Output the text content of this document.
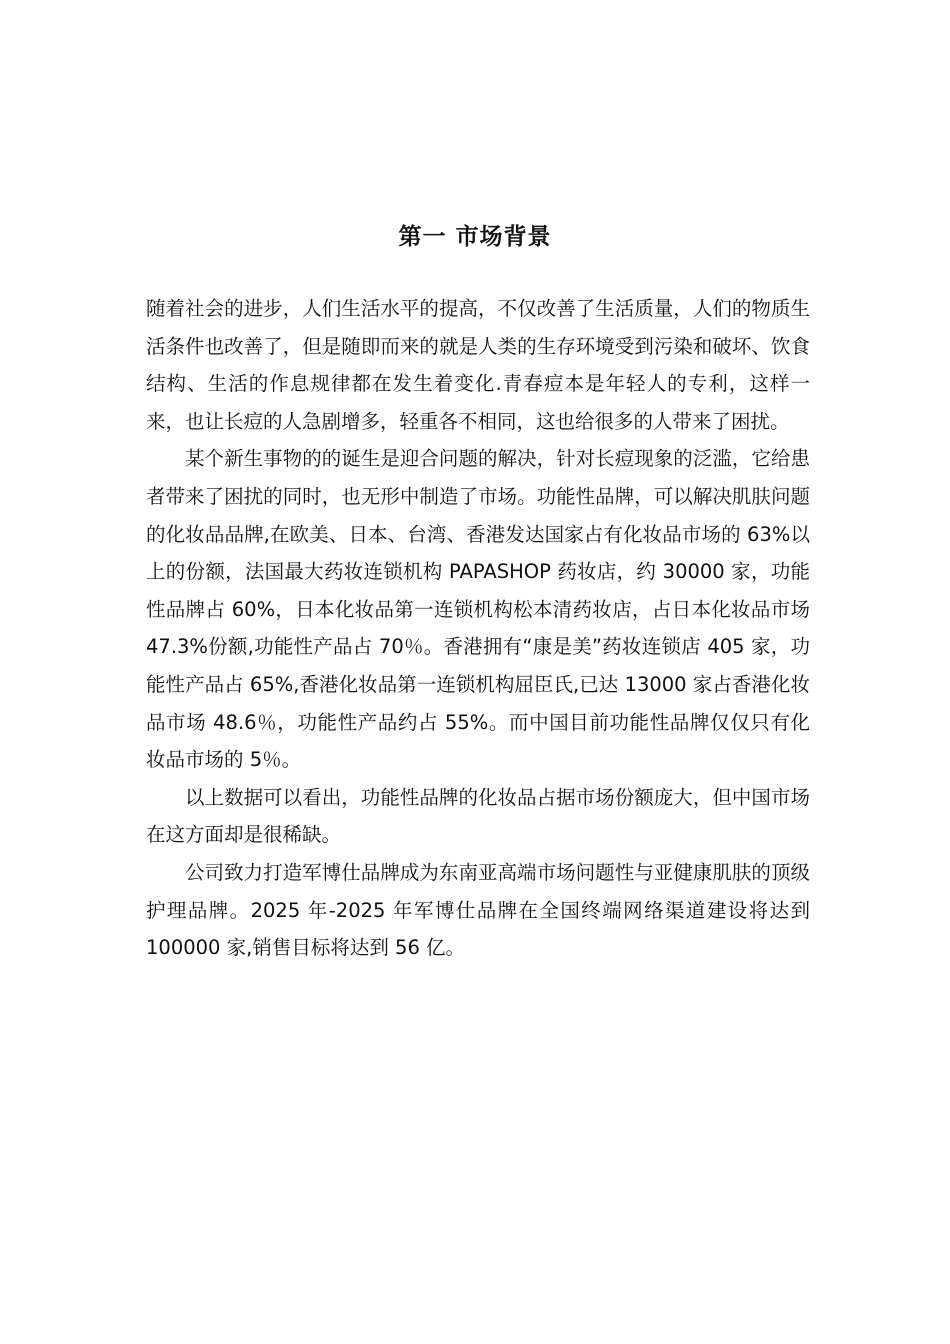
第一 市场背景

随着社会的进步，人们生活水平的提高，不仅改善了生活质量，人们的物质生活条件也改善了，但是随即而来的就是人类的生存环境受到污染和破坏、饮食结构、生活的作息规律都在发生着变化.青春痘本是年轻人的专利，这样一来，也让长痘的人急剧增多，轻重各不相同，这也给很多的人带来了困扰。

某个新生事物的的诞生是迎合问题的解决，针对长痘现象的泛滥，它给患者带来了困扰的同时，也无形中制造了市场。功能性品牌，可以解决肌肤问题的化妆品品牌,在欧美、日本、台湾、香港发达国家占有化妆品市场的 63%以上的份额，法国最大药妆连锁机构 PAPASHOP 药妆店，约 30000 家，功能性品牌占 60%，日本化妆品第一连锁机构松本清药妆店，占日本化妆品市场 47.3%份额,功能性产品占 70％。香港拥有“康是美”药妆连锁店 405 家，功能性产品占 65%,香港化妆品第一连锁机构屈臣氏,已达 13000 家占香港化妆品市场 48.6％，功能性产品约占 55%。而中国目前功能性品牌仅仅只有化妆品市场的 5％。

以上数据可以看出，功能性品牌的化妆品占据市场份额庞大，但中国市场在这方面却是很稀缺。

公司致力打造军博仕品牌成为东南亚高端市场问题性与亚健康肌肤的顶级护理品牌。2025 年-2025 年军博仕品牌在全国终端网络渠道建设将达到 100000 家,销售目标将达到 56 亿。
